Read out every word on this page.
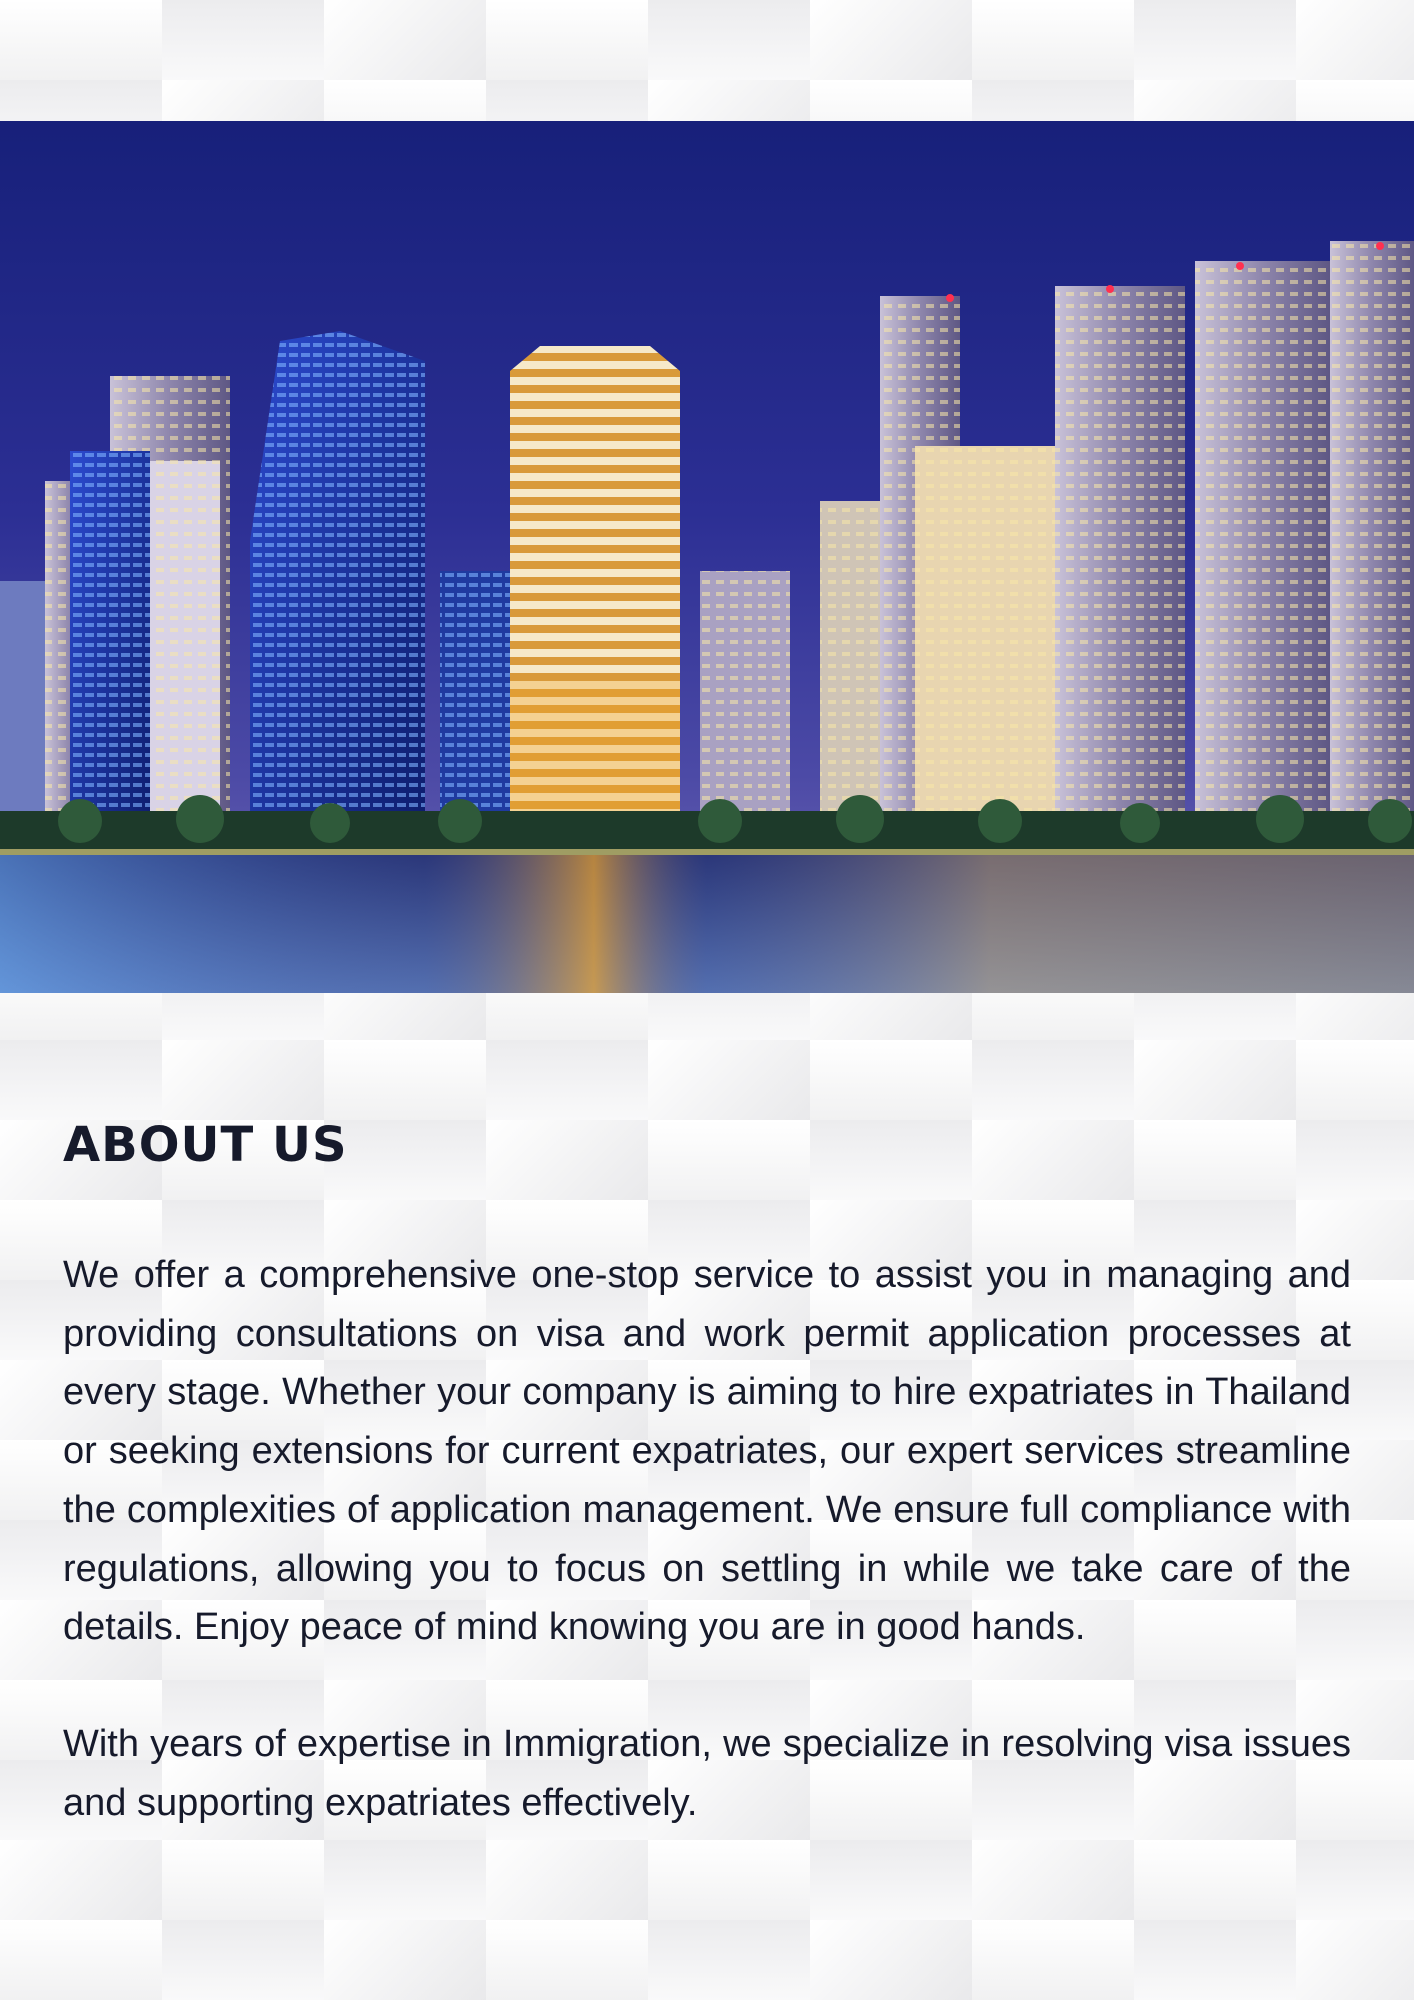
ABOUT US

We offer a comprehensive one-stop service to assist you in managing and providing consultations on visa and work permit application processes at every stage. Whether your company is aiming to hire expatriates in Thailand or seeking extensions for current expatriates, our expert services streamline the complexities of application management. We ensure full compliance with regulations, allowing you to focus on settling in while we take care of the details. Enjoy peace of mind knowing you are in good hands.

With years of expertise in Immigration, we specialize in resolving visa issues and supporting expatriates effectively.
